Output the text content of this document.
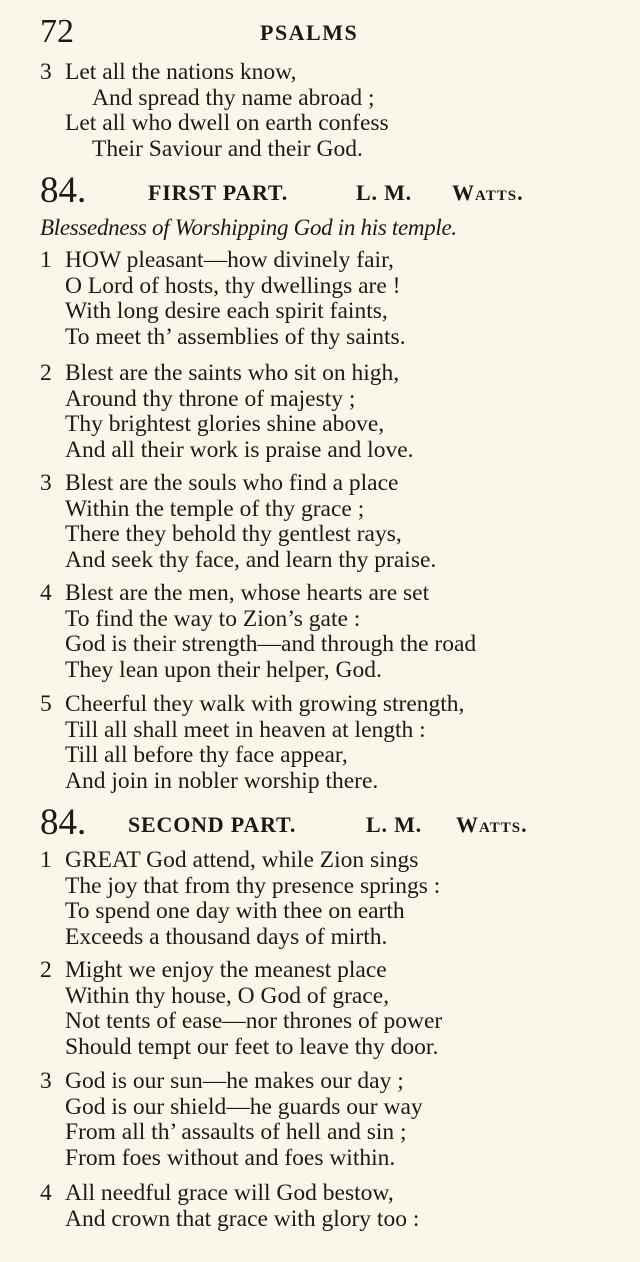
72	PSALMS
3 Let all the nations know,
And spread thy name abroad ;
Let all who dwell on earth confess
Their Saviour and their God.
84.	FIRST PART.	L. M. Watts.
Blessedness of Worshipping God in his temple.
1 HOW pleasant—how divinely fair,
O Lord of hosts, thy dwellings are !
With long desire each spirit faints,
To meet th’ assemblies of thy saints.
2 Blest are the saints who sit on high,
Around thy throne of majesty ;
Thy brightest glories shine above,
And all their work is praise and love.
3 Blest are the souls who find a place
Within the temple of thy grace ;
There they behold thy gentlest rays,
And seek thy face, and learn thy praise.
4 Blest are the men, whose hearts are set
To find the way to Zion’s gate :
God is their strength—and through the road
They lean upon their helper, God.
5 Cheerful they walk with growing strength,
Till all shall meet in heaven at length :
Till all before thy face appear,
And join in nobler worship there.
84. SECOND PART.	L. M. Watts.
1 GREAT God attend, while Zion sings
The joy that from thy presence springs :
To spend one day with thee on earth
Exceeds a thousand days of mirth.
2 Might we enjoy the meanest place
Within thy house, O God of grace,
Not tents of ease—nor thrones of power
Should tempt our feet to leave thy door.
3 God is our sun—he makes our day ;
God is our shield—he guards our way
From all th’ assaults of hell and sin ;
From foes without and foes within.
4 All needful grace will God bestow,
And crown that grace with glory too :
